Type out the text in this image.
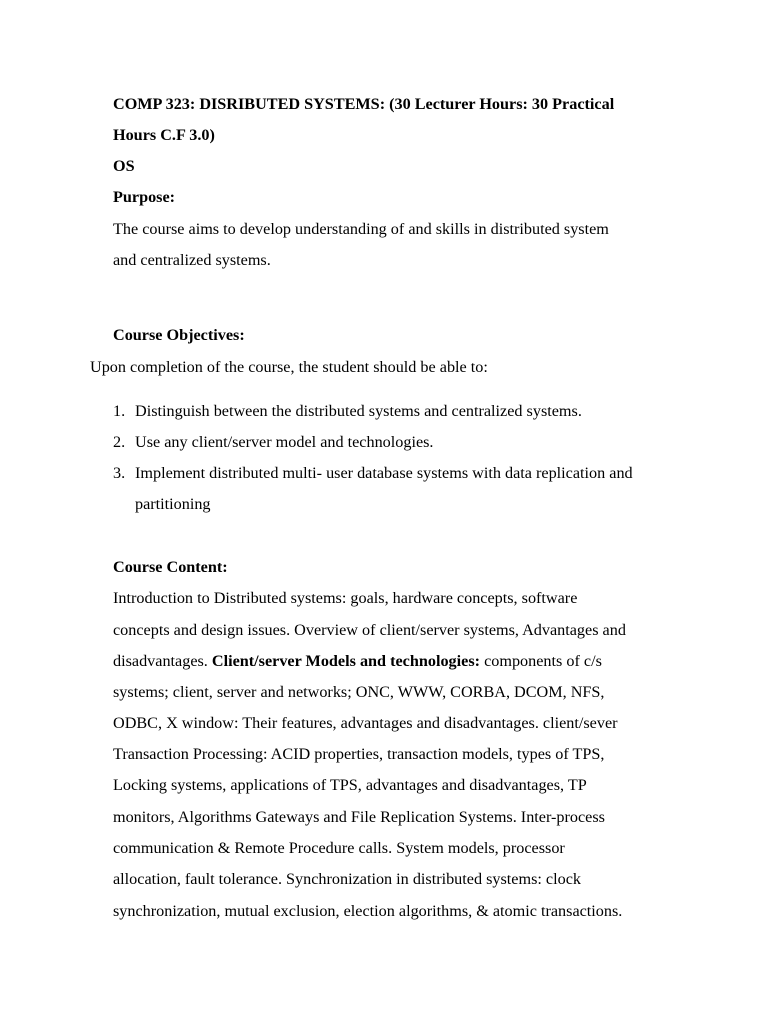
COMP 323: DISRIBUTED SYSTEMS: (30 Lecturer Hours: 30 Practical
Hours C.F 3.0)
OS
Purpose:
The course aims to develop understanding of and skills in distributed system
and centralized systems.
Course Objectives:
Upon completion of the course, the student should be able to:
1. Distinguish between the distributed systems and centralized systems.
2. Use any client/server model and technologies.
3. Implement distributed multi- user database systems with data replication and
partitioning
Course Content:
Introduction to Distributed systems: goals, hardware concepts, software
concepts and design issues. Overview of client/server systems, Advantages and
disadvantages. Client/server Models and technologies: components of c/s
systems; client, server and networks; ONC, WWW, CORBA, DCOM, NFS,
ODBC, X window: Their features, advantages and disadvantages. client/sever
Transaction Processing: ACID properties, transaction models, types of TPS,
Locking systems, applications of TPS, advantages and disadvantages, TP
monitors, Algorithms Gateways and File Replication Systems. Inter-process
communication & Remote Procedure calls. System models, processor
allocation, fault tolerance. Synchronization in distributed systems: clock
synchronization, mutual exclusion, election algorithms, & atomic transactions.
